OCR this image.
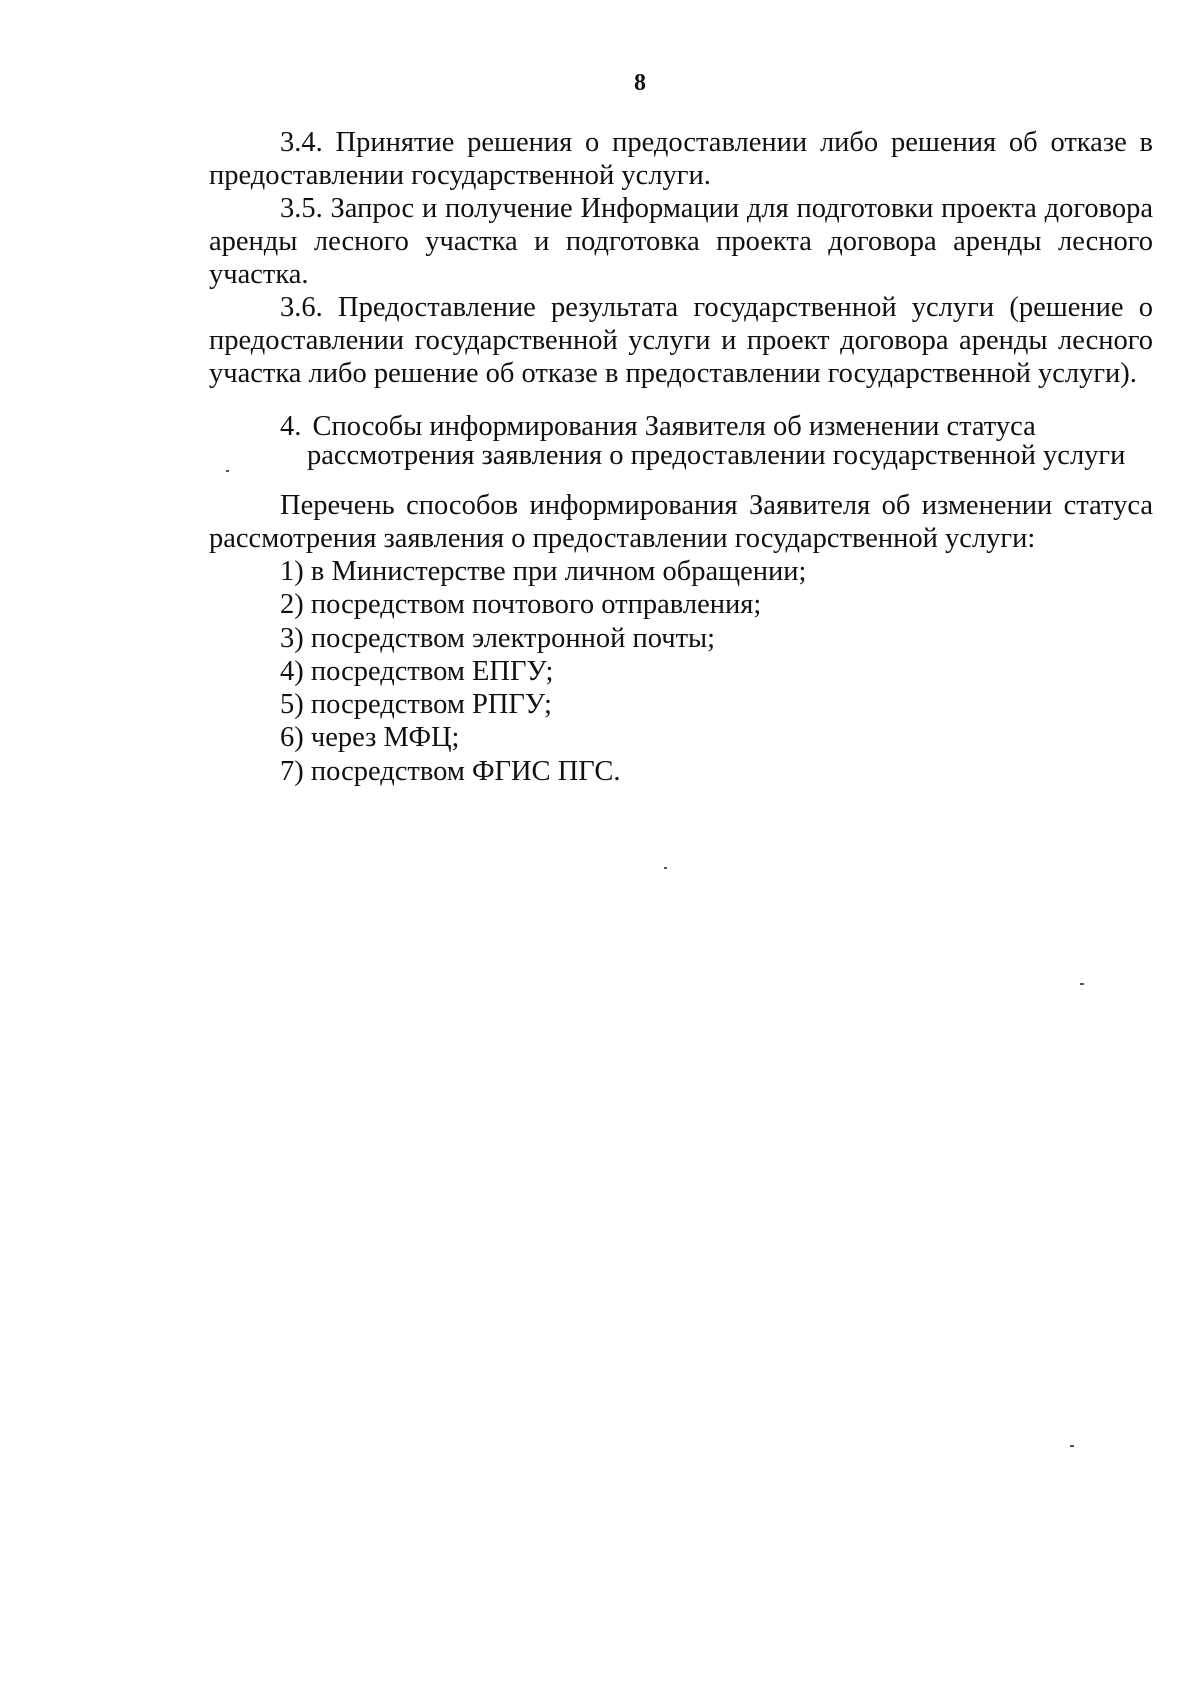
8

3.4. Принятие решения о предоставлении либо решения об отказе в предоставлении государственной услуги.

3.5. Запрос и получение Информации для подготовки проекта договора аренды лесного участка и подготовка проекта договора аренды лесного участка.

3.6. Предоставление результата государственной услуги (решение о предоставлении государственной услуги и проект договора аренды лесного участка либо решение об отказе в предоставлении государственной услуги).

4. Способы информирования Заявителя об изменении статуса
рассмотрения заявления о предоставлении государственной услуги

Перечень способов информирования Заявителя об изменении статуса рассмотрения заявления о предоставлении государственной услуги:

1) в Министерстве при личном обращении;
2) посредством почтового отправления;
3) посредством электронной почты;
4) посредством ЕПГУ;
5) посредством РПГУ;
6) через МФЦ;
7) посредством ФГИС ПГС.
